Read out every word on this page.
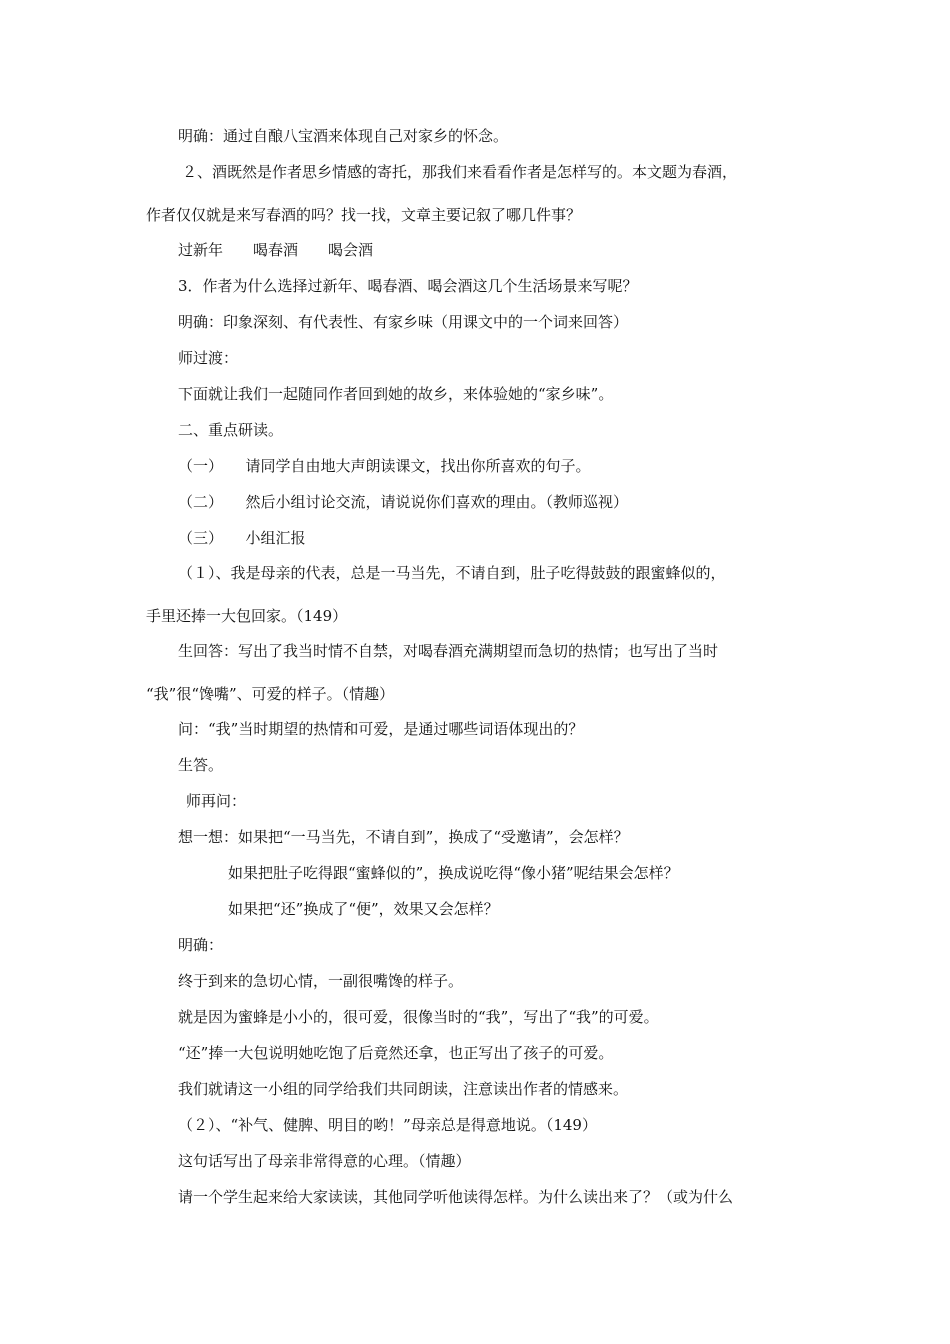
明确：通过自酿八宝酒来体现自己对家乡的怀念。
２、酒既然是作者思乡情感的寄托，那我们来看看作者是怎样写的。本文题为春酒，
作者仅仅就是来写春酒的吗？找一找，文章主要记叙了哪几件事？
过新年　　喝春酒　　喝会酒
3．作者为什么选择过新年、喝春酒、喝会酒这几个生活场景来写呢？
明确：印象深刻、有代表性、有家乡味（用课文中的一个词来回答）
师过渡：
下面就让我们一起随同作者回到她的故乡，来体验她的“家乡味”。
二、重点研读。
（一）　　请同学自由地大声朗读课文，找出你所喜欢的句子。
（二）　　然后小组讨论交流，请说说你们喜欢的理由。（教师巡视）
（三）　　小组汇报
（１）、我是母亲的代表，总是一马当先，不请自到，肚子吃得鼓鼓的跟蜜蜂似的，
手里还捧一大包回家。（149）
生回答：写出了我当时情不自禁，对喝春酒充满期望而急切的热情；也写出了当时
“我”很“馋嘴”、可爱的样子。（情趣）
问：“我”当时期望的热情和可爱，是通过哪些词语体现出的？
生答。
师再问：
想一想：如果把“一马当先，不请自到”，换成了“受邀请”，会怎样？
如果把肚子吃得跟“蜜蜂似的”，换成说吃得“像小猪”呢结果会怎样？
如果把“还”换成了“便”，效果又会怎样？
明确：
终于到来的急切心情，一副很嘴馋的样子。
就是因为蜜蜂是小小的，很可爱，很像当时的“我”，写出了“我”的可爱。
“还”捧一大包说明她吃饱了后竟然还拿，也正写出了孩子的可爱。
我们就请这一小组的同学给我们共同朗读，注意读出作者的情感来。
（２）、“补气、健脾、明目的哟！”母亲总是得意地说。（149）
这句话写出了母亲非常得意的心理。（情趣）
请一个学生起来给大家读读，其他同学听他读得怎样。为什么读出来了？（或为什么
